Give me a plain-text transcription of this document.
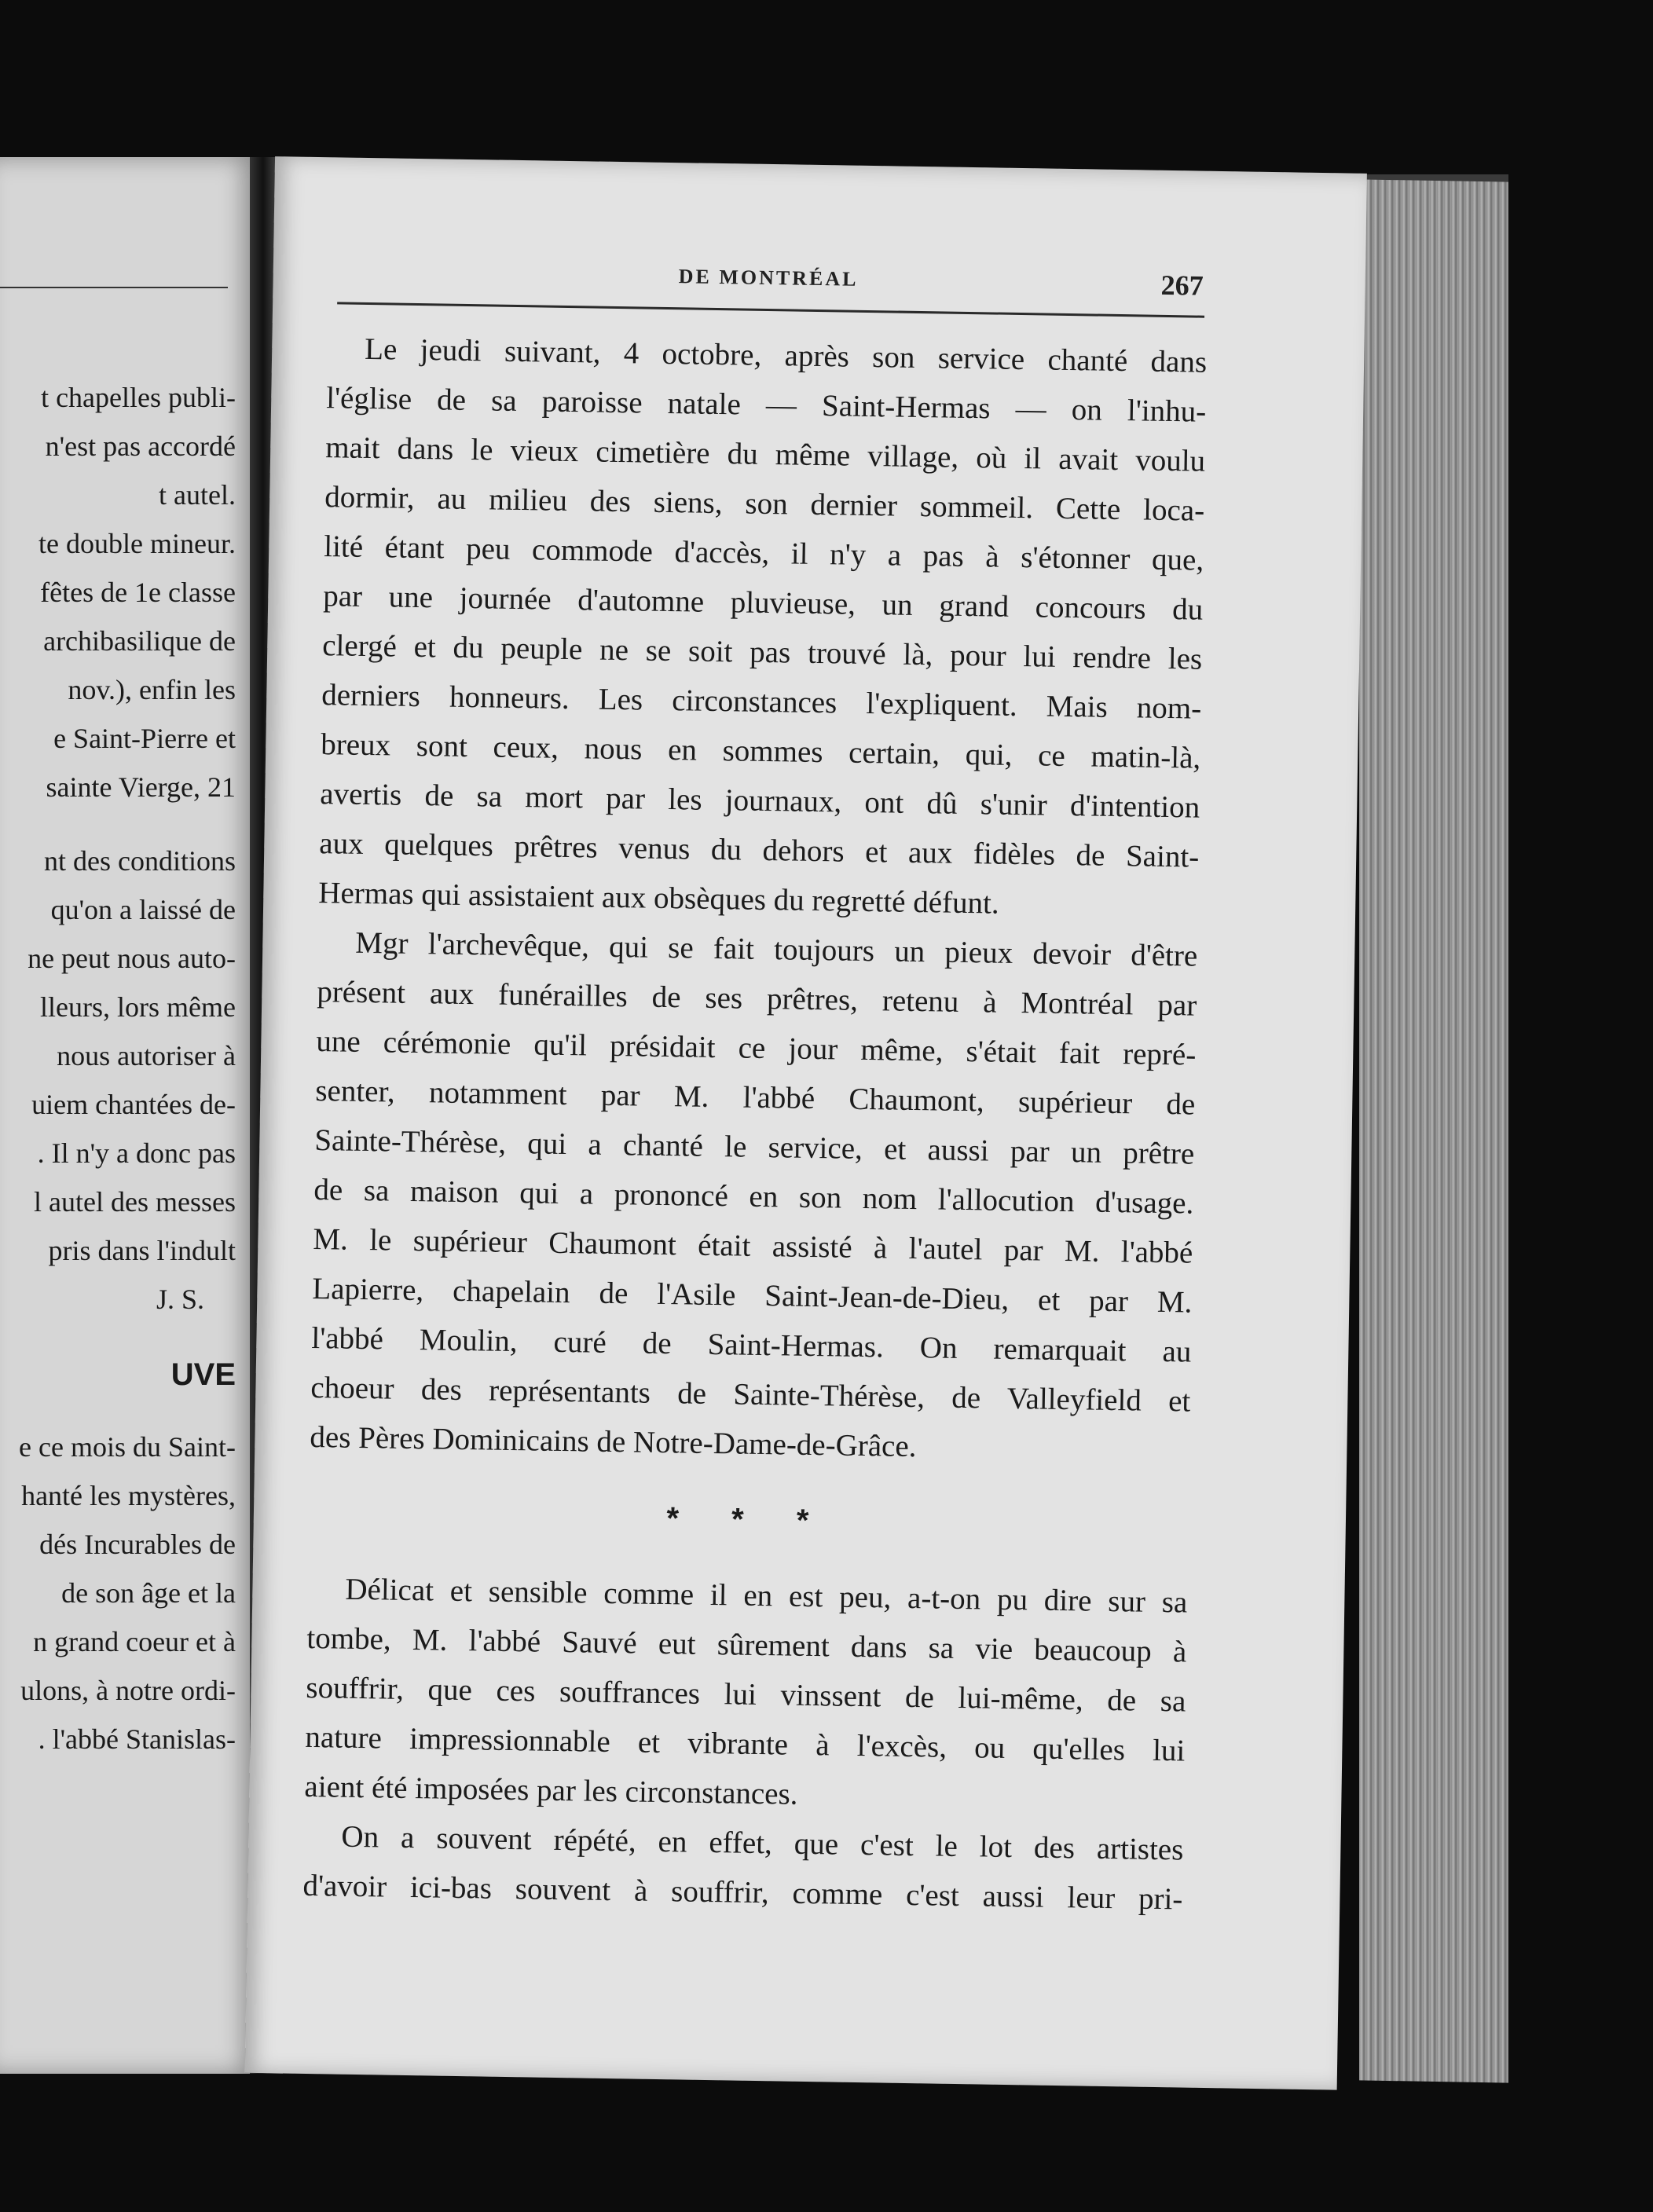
t chapelles publi-
n'est pas accordé
t autel.
te double mineur.
fêtes de 1e classe
archibasilique de
nov.), enfin les
e Saint-Pierre et
sainte Vierge, 21
nt des conditions
qu'on a laissé de
ne peut nous auto-
lleurs, lors même
nous autoriser à
uiem chantées de-
. Il n'y a donc pas
l autel des messes
pris dans l'indult
J. S.
UVE
e ce mois du Saint-
hanté les mystères,
dés Incurables de
de son âge et la
n grand coeur et à
ulons, à notre ordi-
. l'abbé Stanislas-
DE MONTRÉAL	267
Le jeudi suivant, 4 octobre, après son service chanté dans
l'église de sa paroisse natale — Saint-Hermas — on l'inhu-
mait dans le vieux cimetière du même village, où il avait voulu
dormir, au milieu des siens, son dernier sommeil. Cette loca-
lité étant peu commode d'accès, il n'y a pas à s'étonner que,
par une journée d'automne pluvieuse, un grand concours du
clergé et du peuple ne se soit pas trouvé là, pour lui rendre les
derniers honneurs. Les circonstances l'expliquent. Mais nom-
breux sont ceux, nous en sommes certain, qui, ce matin-là,
avertis de sa mort par les journaux, ont dû s'unir d'intention
aux quelques prêtres venus du dehors et aux fidèles de Saint-
Hermas qui assistaient aux obsèques du regretté défunt.
Mgr l'archevêque, qui se fait toujours un pieux devoir d'être
présent aux funérailles de ses prêtres, retenu à Montréal par
une cérémonie qu'il présidait ce jour même, s'était fait repré-
senter, notamment par M. l'abbé Chaumont, supérieur de
Sainte-Thérèse, qui a chanté le service, et aussi par un prêtre
de sa maison qui a prononcé en son nom l'allocution d'usage.
M. le supérieur Chaumont était assisté à l'autel par M. l'abbé
Lapierre, chapelain de l'Asile Saint-Jean-de-Dieu, et par M.
l'abbé Moulin, curé de Saint-Hermas. On remarquait au
choeur des représentants de Sainte-Thérèse, de Valleyfield et
des Pères Dominicains de Notre-Dame-de-Grâce.
* * *
Délicat et sensible comme il en est peu, a-t-on pu dire sur sa
tombe, M. l'abbé Sauvé eut sûrement dans sa vie beaucoup à
souffrir, que ces souffrances lui vinssent de lui-même, de sa
nature impressionnable et vibrante à l'excès, ou qu'elles lui
aient été imposées par les circonstances.
On a souvent répété, en effet, que c'est le lot des artistes
d'avoir ici-bas souvent à souffrir, comme c'est aussi leur pri-
